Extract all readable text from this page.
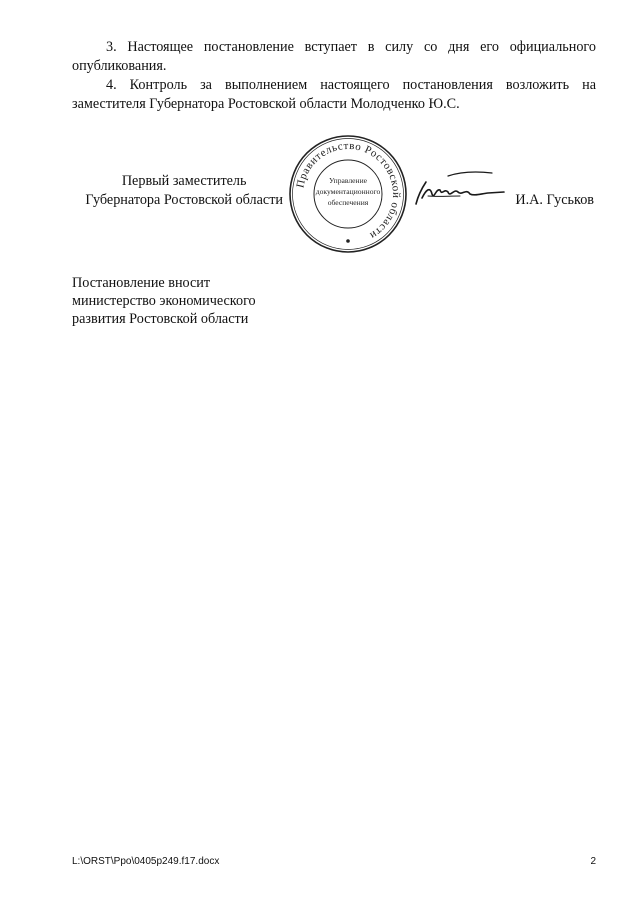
3. Настоящее постановление вступает в силу со дня его официального опубликования.
4. Контроль за выполнением настоящего постановления возложить на заместителя Губернатора Ростовской области Молодченко Ю.С.
Первый заместитель
Губернатора Ростовской области
Правительство Ростовской области
Управление
документационного
обеспечения	И.А. Гуськов
Постановление вносит
министерство экономического
развития Ростовской области
L:\ORST\Ppo\0405p249.f17.docx	2
